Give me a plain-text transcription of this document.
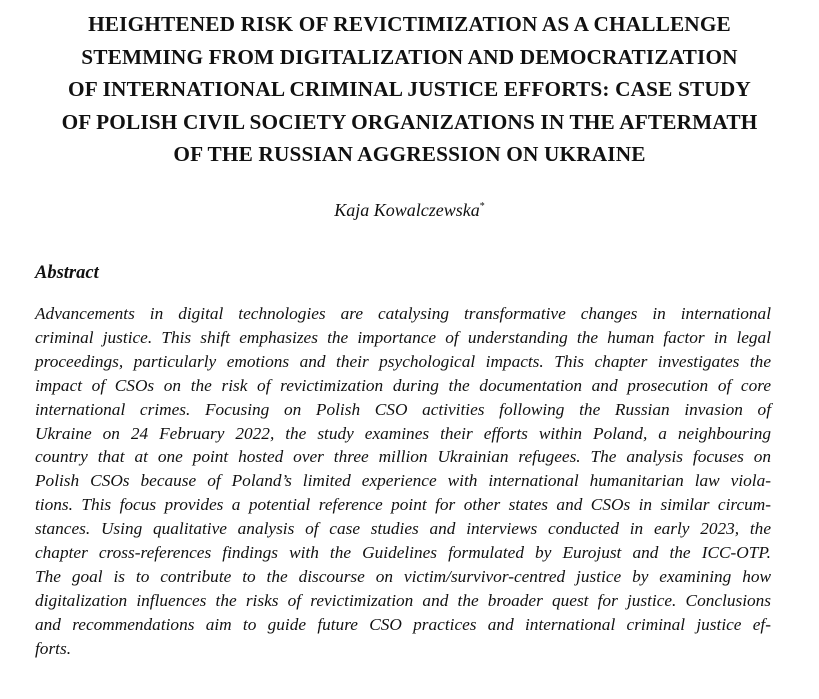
HEIGHTENED RISK OF REVICTIMIZATION AS A CHALLENGE
STEMMING FROM DIGITALIZATION AND DEMOCRATIZATION
OF INTERNATIONAL CRIMINAL JUSTICE EFFORTS: CASE STUDY
OF POLISH CIVIL SOCIETY ORGANIZATIONS IN THE AFTERMATH
OF THE RUSSIAN AGGRESSION ON UKRAINE
Kaja Kowalczewska*
Abstract
Advancements in digital technologies are catalysing transformative changes in international
criminal justice. This shift emphasizes the importance of understanding the human factor in legal
proceedings, particularly emotions and their psychological impacts. This chapter investigates the
impact of CSOs on the risk of revictimization during the documentation and prosecution of core
international crimes. Focusing on Polish CSO activities following the Russian invasion of
Ukraine on 24 February 2022, the study examines their efforts within Poland, a neighbouring
country that at one point hosted over three million Ukrainian refugees. The analysis focuses on
Polish CSOs because of Poland’s limited experience with international humanitarian law viola-
tions. This focus provides a potential reference point for other states and CSOs in similar circum-
stances. Using qualitative analysis of case studies and interviews conducted in early 2023, the
chapter cross-references findings with the Guidelines formulated by Eurojust and the ICC-OTP.
The goal is to contribute to the discourse on victim/survivor-centred justice by examining how
digitalization influences the risks of revictimization and the broader quest for justice. Conclusions
and recommendations aim to guide future CSO practices and international criminal justice ef-
forts.
